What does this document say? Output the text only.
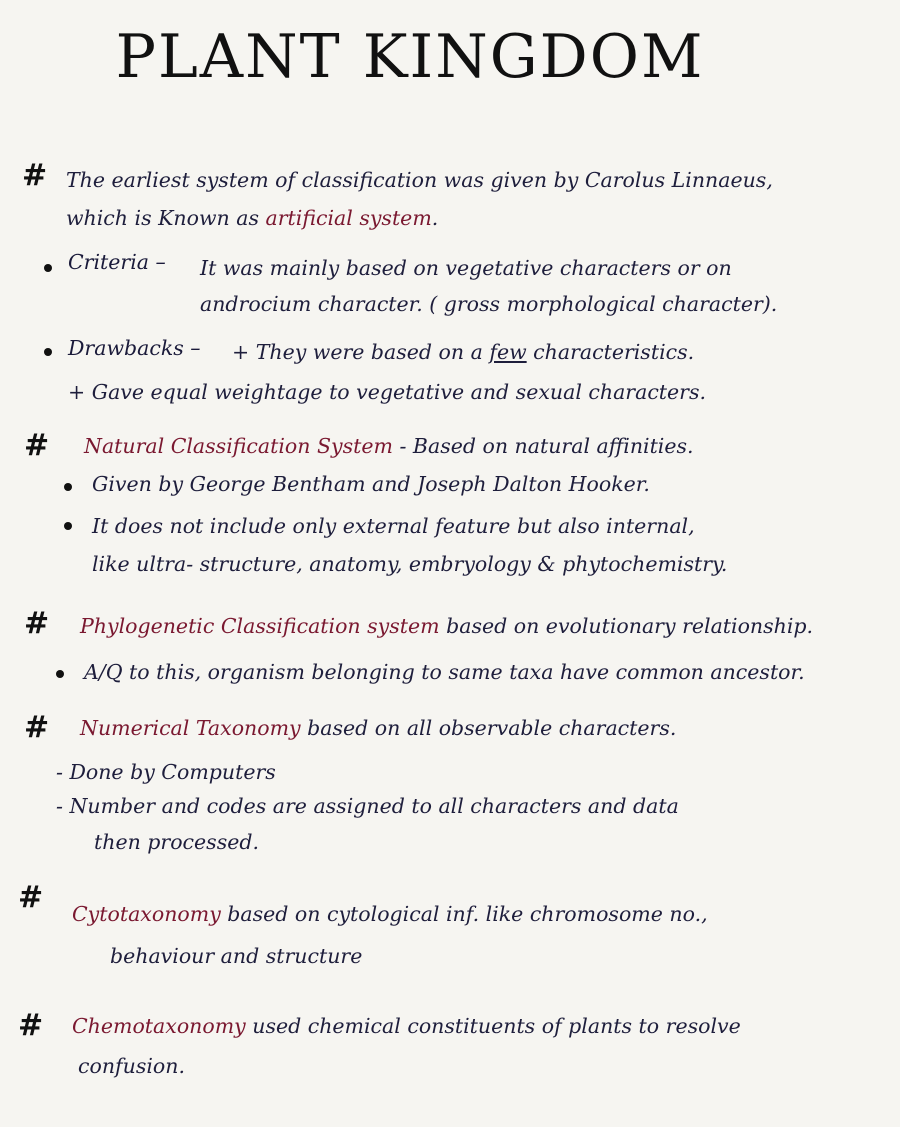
PLANT KINGDOM
# The earliest system of classification was given by Carolus Linnaeus,
which is Known as artificial system.
Criteria – It was mainly based on vegetative characters or on
androcium character. ( gross morphological character).
Drawbacks – + They were based on a few characteristics.
+ Gave equal weightage to vegetative and sexual characters.
# Natural Classification System - Based on natural affinities.
Given by George Bentham and Joseph Dalton Hooker.
It does not include only external feature but also internal,
like ultra- structure, anatomy, embryology & phytochemistry.
# Phylogenetic Classification system based on evolutionary relationship.
A/Q to this, organism belonging to same taxa have common ancestor.
# Numerical Taxonomy based on all observable characters.
- Done by Computers
- Number and codes are assigned to all characters and data
then processed.
# Cytotaxonomy based on cytological inf. like chromosome no.,
behaviour and structure
# Chemotaxonomy used chemical constituents of plants to resolve
confusion.
